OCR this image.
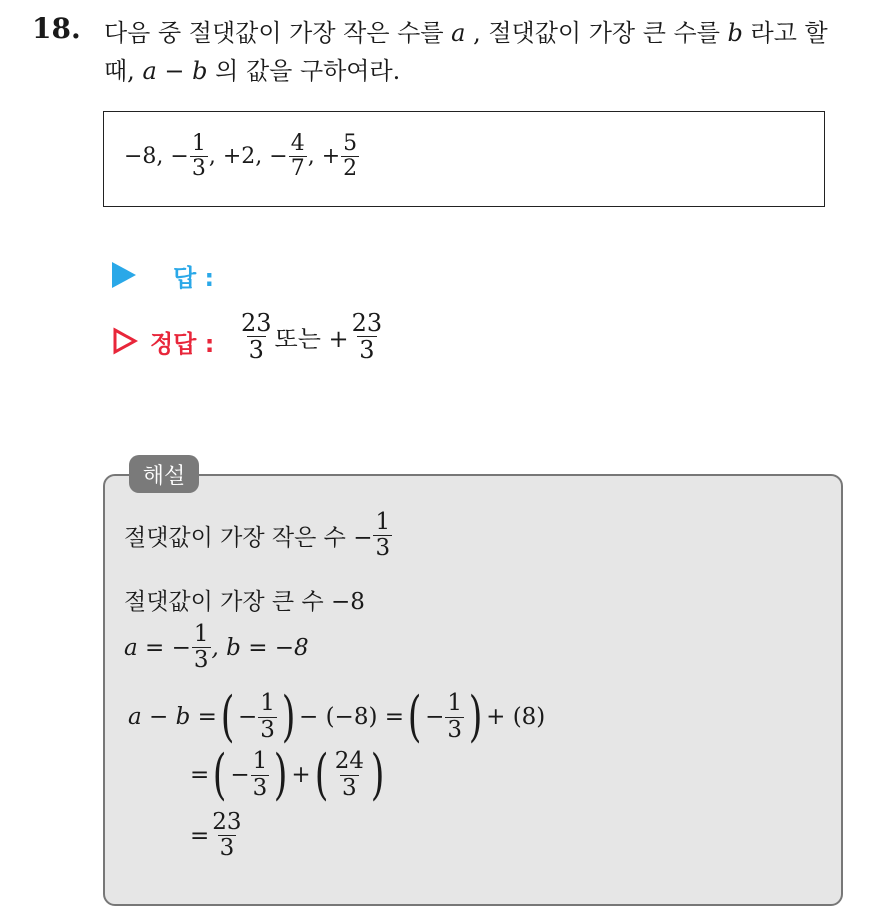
18. 다음 중 절댓값이 가장 작은 수를 a , 절댓값이 가장 큰 수를 b 라고 할
때, a − b 의 값을 구하여라.
−8, − $\frac{1}{3}$ , +2, − $\frac{4}{7}$ , + $\frac{5}{2}$
답 :
정답 : $\frac{23}{3}$ 또는 + $\frac{23}{3}$
해설
절댓값이 가장 작은 수 − $\frac{1}{3}$
절댓값이 가장 큰 수 −8
a = − $\frac{1}{3}$ , b = −8
a − b = ( − $\frac{1}{3}$ ) − (−8) = ( − $\frac{1}{3}$ ) + (8)
= ( − $\frac{1}{3}$ ) + ( $\frac{24}{3}$ )
= $\frac{23}{3}$
